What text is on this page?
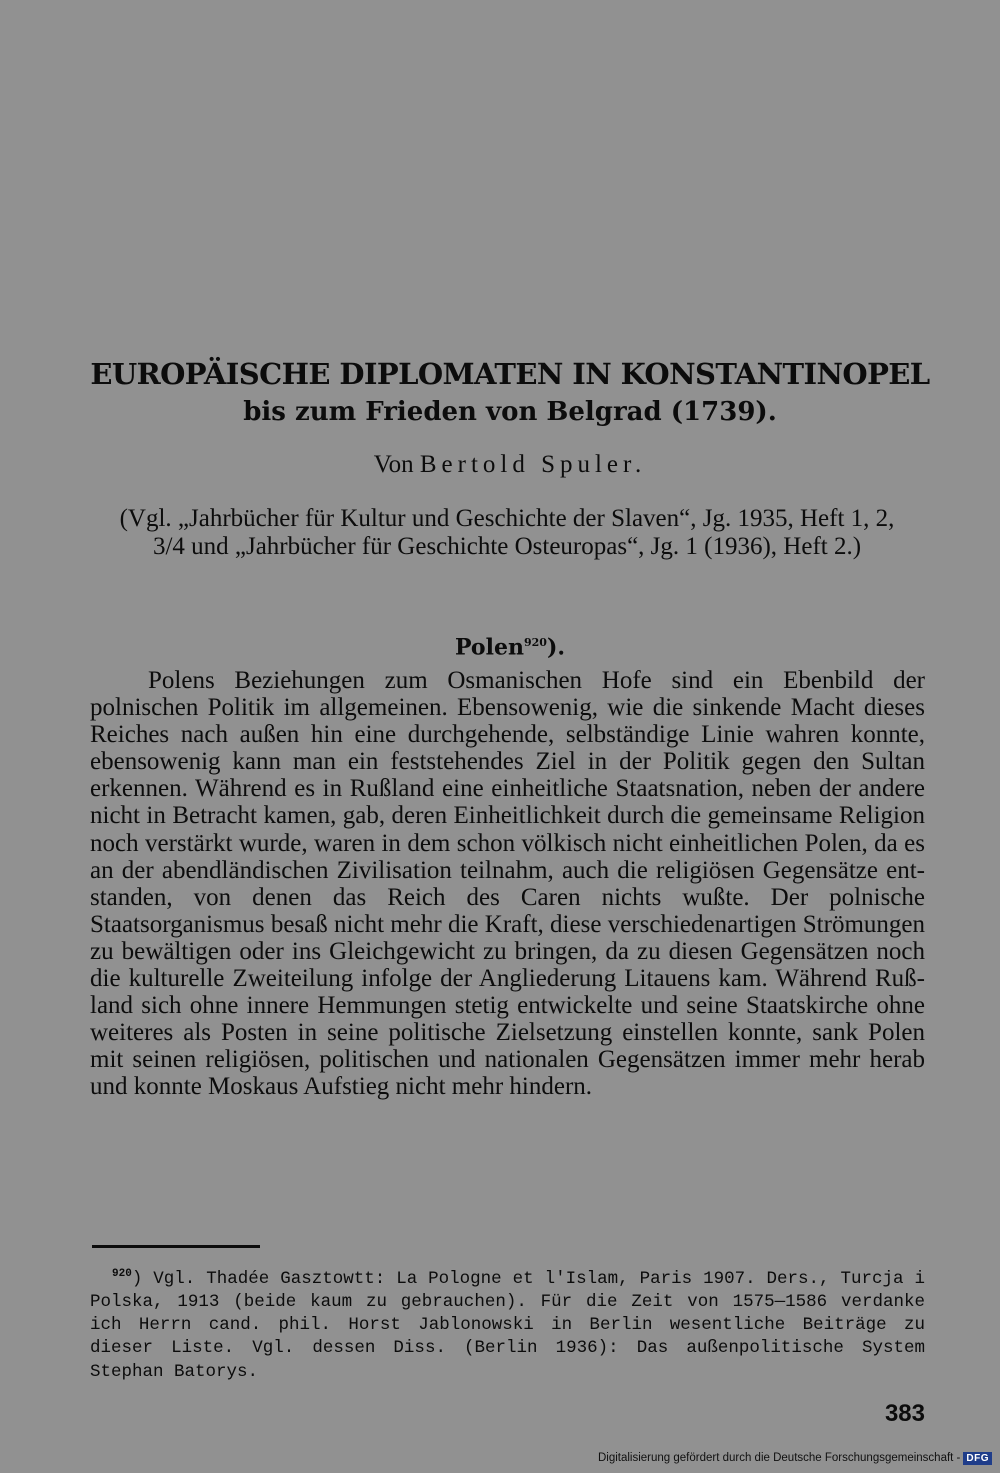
EUROPÄISCHE DIPLOMATEN IN KONSTANTINOPEL
bis zum Frieden von Belgrad (1739).
Von Bertold Spuler.
(Vgl. „Jahrbücher für Kultur und Geschichte der Slaven“, Jg. 1935, Heft 1, 2, 3/4 und „Jahrbücher für Geschichte Osteuropas“, Jg. 1 (1936), Heft 2.)
Polen$^{920}$).

Polens Beziehungen zum Osmanischen Hofe sind ein Ebenbild der polnischen Politik im allgemeinen. Ebensowenig, wie die sinkende Macht dieses Reiches nach außen hin eine durchgehende, selbständige Linie wahren konnte, ebensowenig kann man ein feststehendes Ziel in der Politik gegen den Sultan erkennen. Während es in Rußland eine einheitliche Staatsnation, neben der andere nicht in Betracht kamen, gab, deren Einheitlichkeit durch die gemeinsame Religion noch verstärkt wurde, waren in dem schon völkisch nicht einheitlichen Polen, da es an der abendländischen Zivilisation teilnahm, auch die religiösen Gegensätze entstanden, von denen das Reich des Caren nichts wußte. Der polnische Staatsorganismus besaß nicht mehr die Kraft, diese verschiedenartigen Strömungen zu bewältigen oder ins Gleichgewicht zu bringen, da zu diesen Gegensätzen noch die kulturelle Zweiteilung infolge der Angliederung Litauens kam. Während Rußland sich ohne innere Hemmungen stetig entwickelte und seine Staatskirche ohne weiteres als Posten in seine politische Zielsetzung einstellen konnte, sank Polen mit seinen religiösen, politischen und nationalen Gegensätzen immer mehr herab und konnte Moskaus Aufstieg nicht mehr hindern.

$^{920}$) Vgl. Thadée Gasztowtt: La Pologne et l'Islam, Paris 1907. Ders., Turcja i Polska, 1913 (beide kaum zu gebrauchen). Für die Zeit von 1575—1586 verdanke ich Herrn cand. phil. Horst Jablonowski in Berlin wesentliche Beiträge zu dieser Liste. Vgl. dessen Diss. (Berlin 1936): Das außenpolitische System Stephan Batorys.

383
Digitalisierung gefördert durch die Deutsche Forschungsgemeinschaft - DFG
